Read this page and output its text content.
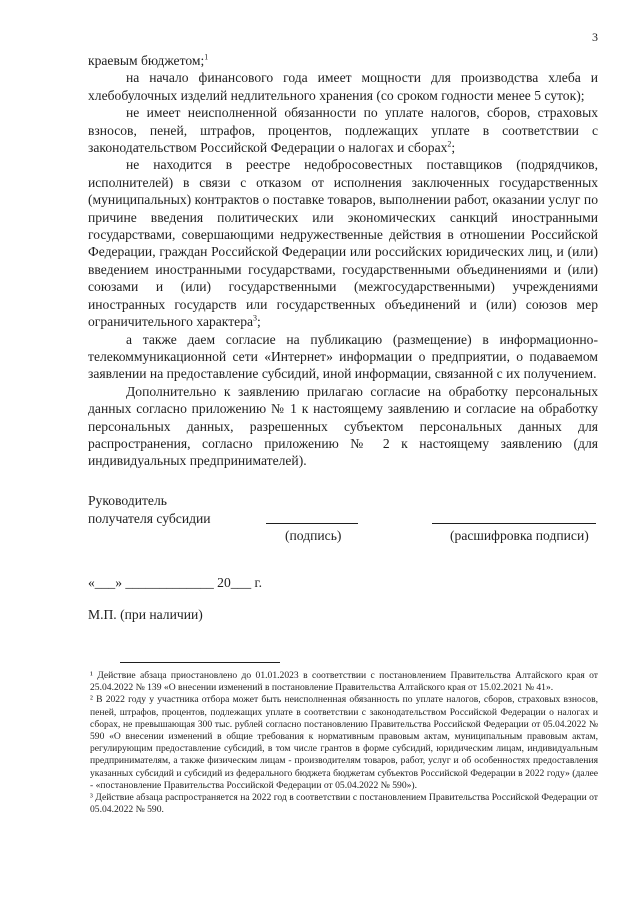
3

краевым бюджетом;$^1$

на начало финансового года имеет мощности для производства хлеба и хлебобулочных изделий недлительного хранения (со сроком годности менее 5 суток);

не имеет неисполненной обязанности по уплате налогов, сборов, страховых взносов, пеней, штрафов, процентов, подлежащих уплате в соответствии с законодательством Российской Федерации о налогах и сборах$^2$;

не находится в реестре недобросовестных поставщиков (подрядчиков, исполнителей) в связи с отказом от исполнения заключенных государственных (муниципальных) контрактов о поставке товаров, выполнении работ, оказании услуг по причине введения политических или экономических санкций иностранными государствами, совершающими недружественные действия в отношении Российской Федерации, граждан Российской Федерации или российских юридических лиц, и (или) введением иностранными государствами, государственными объединениями и (или) союзами и (или) государственными (межгосударственными) учреждениями иностранных государств или государственных объединений и (или) союзов мер ограничительного характера$^3$;

а также даем согласие на публикацию (размещение) в информационно-телекоммуникационной сети «Интернет» информации о предприятии, о подаваемом заявлении на предоставление субсидий, иной информации, связанной с их получением.

Дополнительно к заявлению прилагаю согласие на обработку персональных данных согласно приложению № 1 к настоящему заявлению и согласие на обработку персональных данных, разрешенных субъектом персональных данных для распространения, согласно приложению № 2 к настоящему заявлению (для индивидуальных предпринимателей).

Руководитель
получателя субсидии
(подпись)	(расшифровка подписи)
«___» _____________ 20___ г.
М.П. (при наличии)

¹ Действие абзаца приостановлено до 01.01.2023 в соответствии с постановлением Правительства Алтайского края от 25.04.2022 № 139 «О внесении изменений в постановление Правительства Алтайского края от 15.02.2021 № 41».

² В 2022 году у участника отбора может быть неисполненная обязанность по уплате налогов, сборов, страховых взносов, пеней, штрафов, процентов, подлежащих уплате в соответствии с законодательством Российской Федерации о налогах и сборах, не превышающая 300 тыс. рублей согласно постановлению Правительства Российской Федерации от 05.04.2022 № 590 «О внесении изменений в общие требования к нормативным правовым актам, муниципальным правовым актам, регулирующим предоставление субсидий, в том числе грантов в форме субсидий, юридическим лицам, индивидуальным предпринимателям, а также физическим лицам - производителям товаров, работ, услуг и об особенностях предоставления указанных субсидий и субсидий из федерального бюджета бюджетам субъектов Российской Федерации в 2022 году» (далее - «постановление Правительства Российской Федерации от 05.04.2022 № 590»).

³ Действие абзаца распространяется на 2022 год в соответствии с постановлением Правительства Российской Федерации от 05.04.2022 № 590.
